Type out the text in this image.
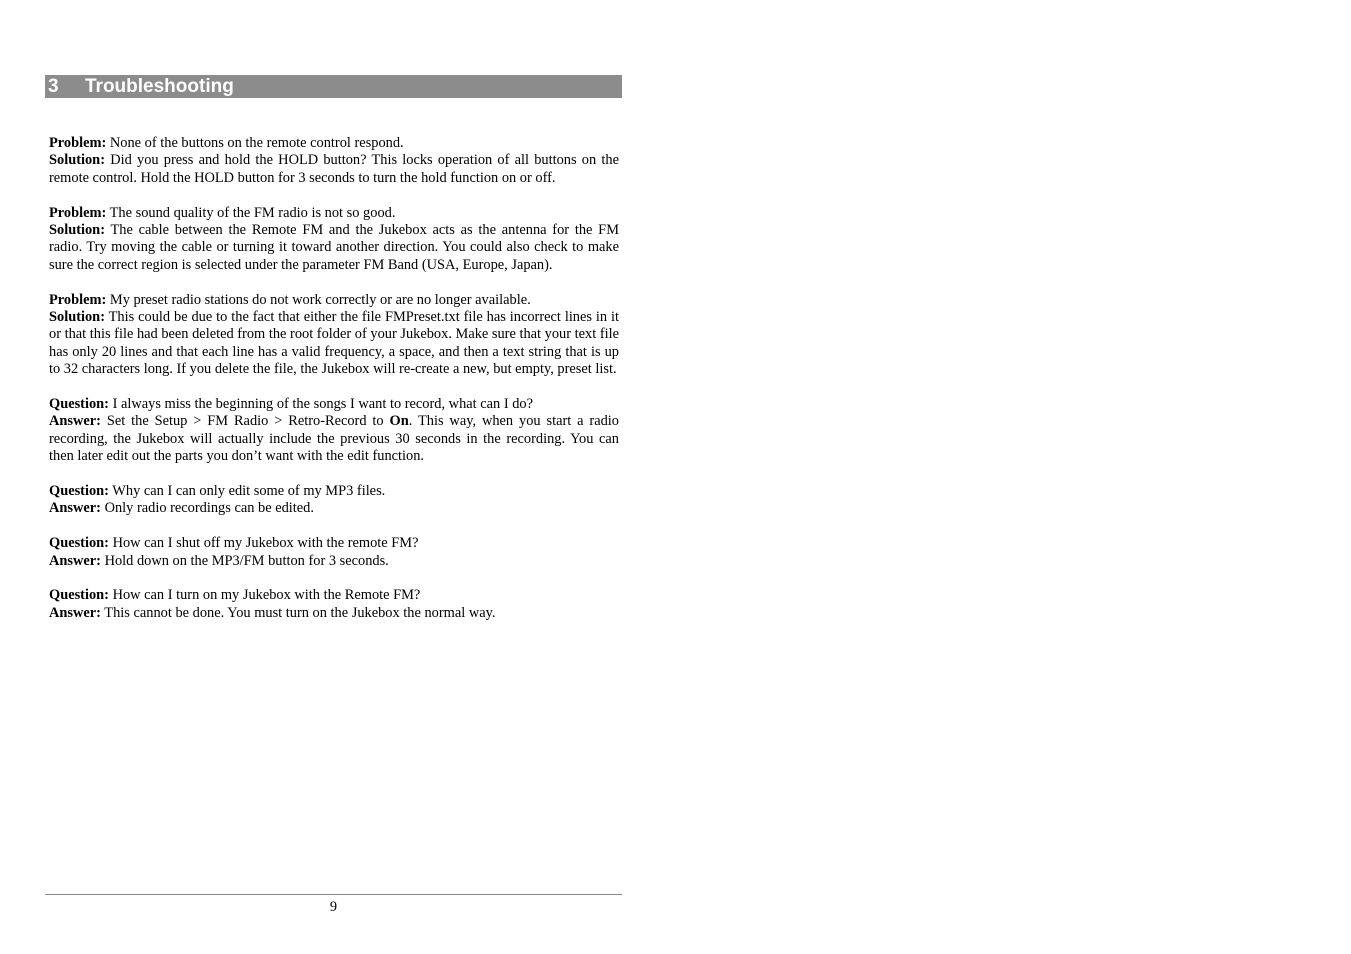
3 Troubleshooting

Problem: None of the buttons on the remote control respond.

Solution: Did you press and hold the HOLD button? This locks operation of all buttons on the remote control. Hold the HOLD button for 3 seconds to turn the hold function on or off.

Problem: The sound quality of the FM radio is not so good.

Solution: The cable between the Remote FM and the Jukebox acts as the antenna for the FM radio. Try moving the cable or turning it toward another direction. You could also check to make sure the correct region is selected under the parameter FM Band (USA, Europe, Japan).

Problem: My preset radio stations do not work correctly or are no longer available.

Solution: This could be due to the fact that either the file FMPreset.txt file has incorrect lines in it or that this file had been deleted from the root folder of your Jukebox. Make sure that your text file has only 20 lines and that each line has a valid frequency, a space, and then a text string that is up to 32 characters long. If you delete the file, the Jukebox will re-create a new, but empty, preset list.

Question: I always miss the beginning of the songs I want to record, what can I do?

Answer: Set the Setup > FM Radio > Retro-Record to On. This way, when you start a radio recording, the Jukebox will actually include the previous 30 seconds in the recording. You can then later edit out the parts you don’t want with the edit function.

Question: Why can I can only edit some of my MP3 files.

Answer: Only radio recordings can be edited.

Question: How can I shut off my Jukebox with the remote FM?

Answer: Hold down on the MP3/FM button for 3 seconds.

Question: How can I turn on my Jukebox with the Remote FM?

Answer: This cannot be done. You must turn on the Jukebox the normal way.

9
